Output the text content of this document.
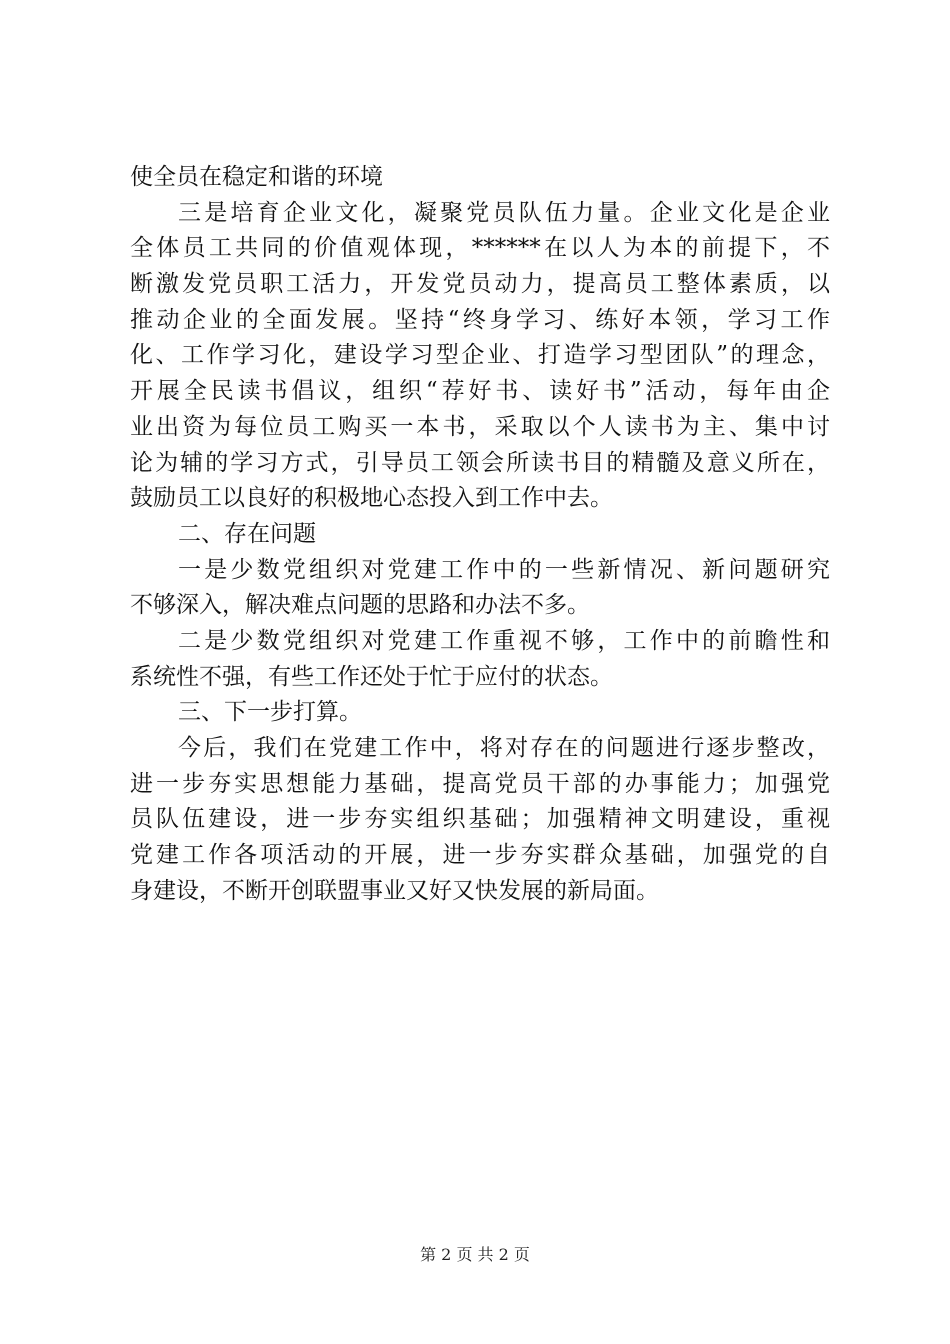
使全员在稳定和谐的环境
三是培育企业文化，凝聚党员队伍力量。企业文化是企业
全体员工共同的价值观体现，******在以人为本的前提下，不
断激发党员职工活力，开发党员动力，提高员工整体素质，以
推动企业的全面发展。坚持“终身学习、练好本领，学习工作
化、工作学习化，建设学习型企业、打造学习型团队”的理念，
开展全民读书倡议，组织“荐好书、读好书”活动，每年由企
业出资为每位员工购买一本书，采取以个人读书为主、集中讨
论为辅的学习方式，引导员工领会所读书目的精髓及意义所在，
鼓励员工以良好的积极地心态投入到工作中去。
二、存在问题
一是少数党组织对党建工作中的一些新情况、新问题研究
不够深入，解决难点问题的思路和办法不多。
二是少数党组织对党建工作重视不够，工作中的前瞻性和
系统性不强，有些工作还处于忙于应付的状态。
三、下一步打算。
今后，我们在党建工作中，将对存在的问题进行逐步整改，
进一步夯实思想能力基础，提高党员干部的办事能力；加强党
员队伍建设，进一步夯实组织基础；加强精神文明建设，重视
党建工作各项活动的开展，进一步夯实群众基础，加强党的自
身建设，不断开创联盟事业又好又快发展的新局面。
第 2 页 共 2 页
